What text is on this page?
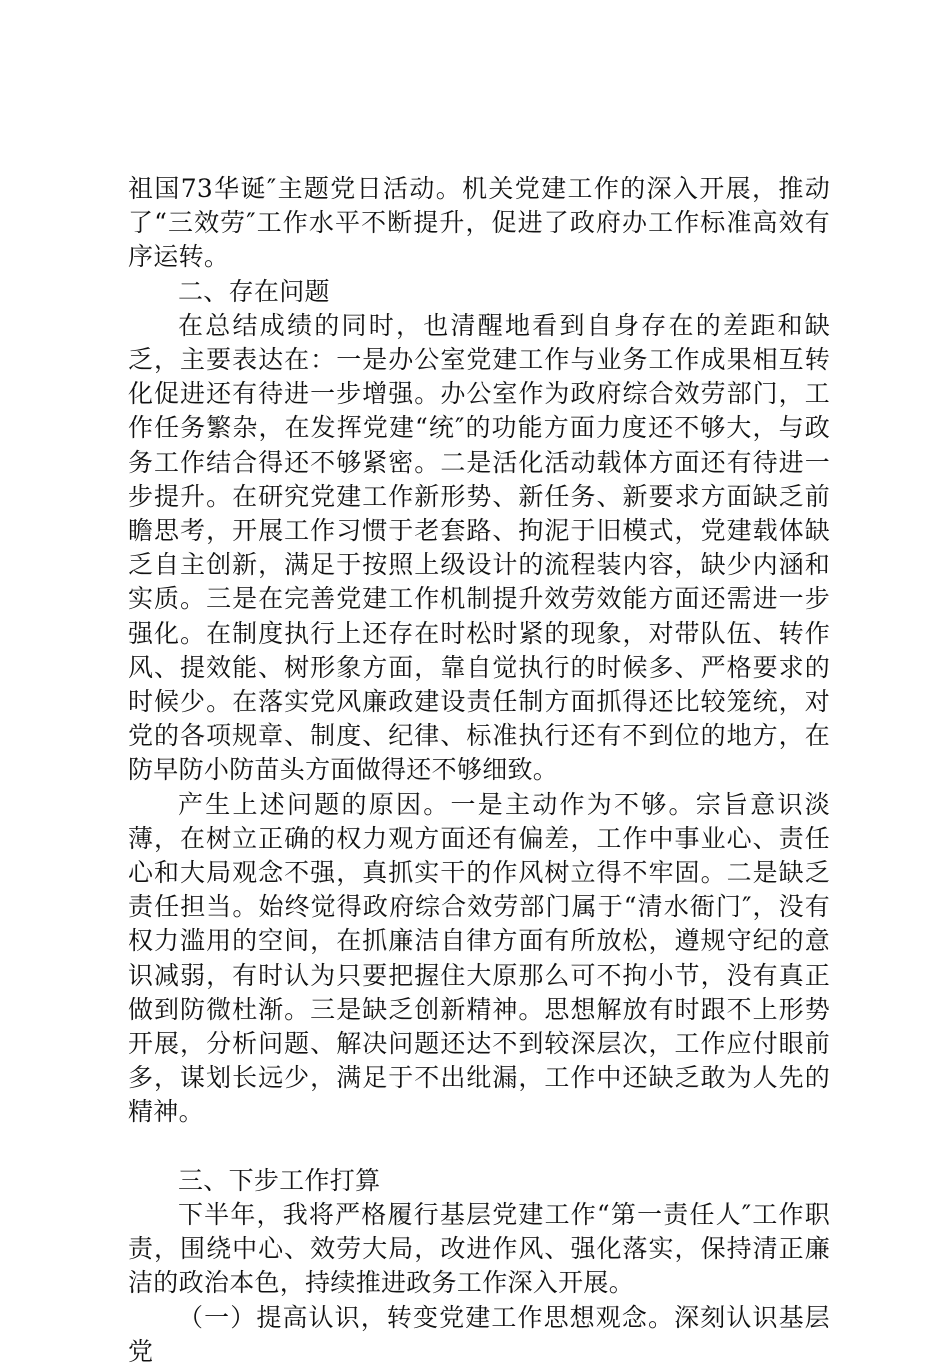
祖国73华诞″主题党日活动。机关党建工作的深入开展，推动了“三效劳″工作水平不断提升，促进了政府办工作标准高效有序运转。

二、存在问题

在总结成绩的同时，也清醒地看到自身存在的差距和缺乏，主要表达在：一是办公室党建工作与业务工作成果相互转化促进还有待进一步增强。办公室作为政府综合效劳部门，工作任务繁杂，在发挥党建“统″的功能方面力度还不够大，与政务工作结合得还不够紧密。二是活化活动载体方面还有待进一步提升。在研究党建工作新形势、新任务、新要求方面缺乏前瞻思考，开展工作习惯于老套路、拘泥于旧模式，党建载体缺乏自主创新，满足于按照上级设计的流程装内容，缺少内涵和实质。三是在完善党建工作机制提升效劳效能方面还需进一步强化。在制度执行上还存在时松时紧的现象，对带队伍、转作风、提效能、树形象方面，靠自觉执行的时候多、严格要求的时候少。在落实党风廉政建设责任制方面抓得还比较笼统，对党的各项规章、制度、纪律、标准执行还有不到位的地方，在防早防小防苗头方面做得还不够细致。

产生上述问题的原因。一是主动作为不够。宗旨意识淡薄，在树立正确的权力观方面还有偏差，工作中事业心、责任心和大局观念不强，真抓实干的作风树立得不牢固。二是缺乏责任担当。始终觉得政府综合效劳部门属于“清水衙门″，没有权力滥用的空间，在抓廉洁自律方面有所放松，遵规守纪的意识减弱，有时认为只要把握住大原那么可不拘小节，没有真正做到防微杜渐。三是缺乏创新精神。思想解放有时跟不上形势开展，分析问题、解决问题还达不到较深层次，工作应付眼前多，谋划长远少，满足于不出纰漏，工作中还缺乏敢为人先的精神。

三、下步工作打算

下半年，我将严格履行基层党建工作“第一责任人″工作职责，围绕中心、效劳大局，改进作风、强化落实，保持清正廉洁的政治本色，持续推进政务工作深入开展。

（一）提高认识，转变党建工作思想观念。深刻认识基层党
